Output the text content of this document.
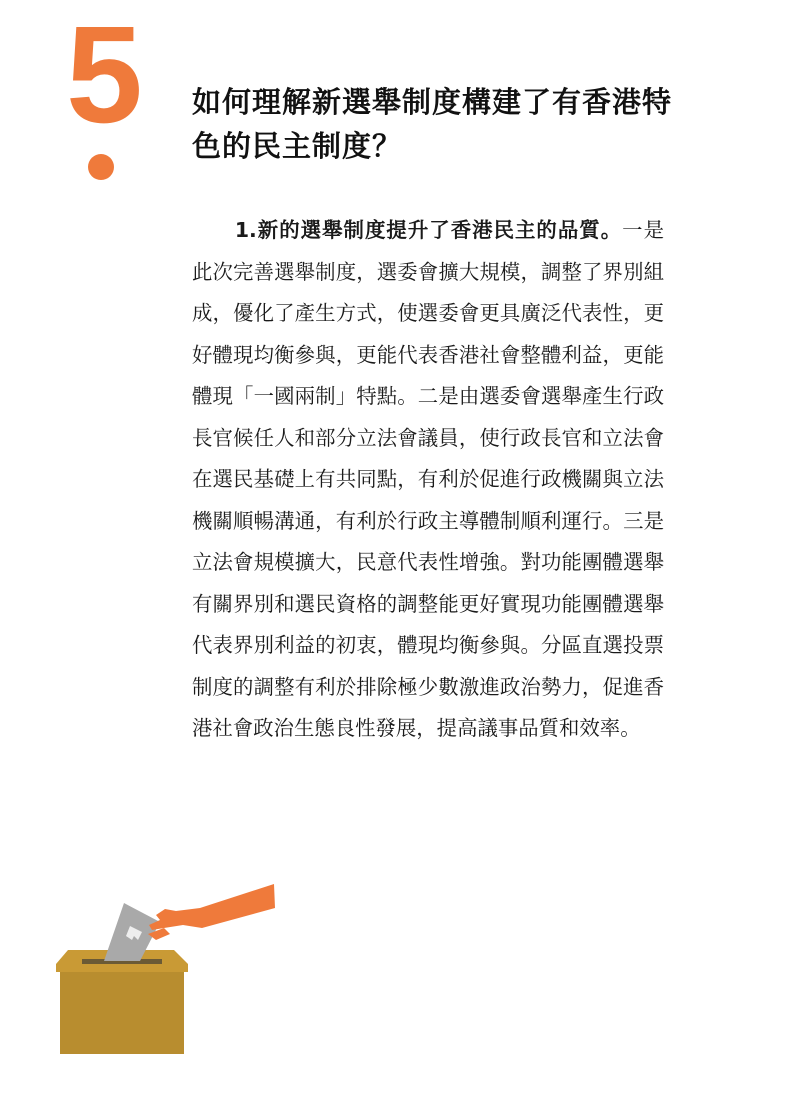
5 如何理解新選舉制度構建了有香港特色的民主制度？

1.新的選舉制度提升了香港民主的品質。一是此次完善選舉制度，選委會擴大規模，調整了界別組成，優化了產生方式，使選委會更具廣泛代表性，更好體現均衡參與，更能代表香港社會整體利益，更能體現「一國兩制」特點。二是由選委會選舉產生行政長官候任人和部分立法會議員，使行政長官和立法會在選民基礎上有共同點，有利於促進行政機關與立法機關順暢溝通，有利於行政主導體制順利運行。三是立法會規模擴大，民意代表性增強。對功能團體選舉有關界別和選民資格的調整能更好實現功能團體選舉代表界別利益的初衷，體現均衡參與。分區直選投票制度的調整有利於排除極少數激進政治勢力，促進香港社會政治生態良性發展，提高議事品質和效率。
